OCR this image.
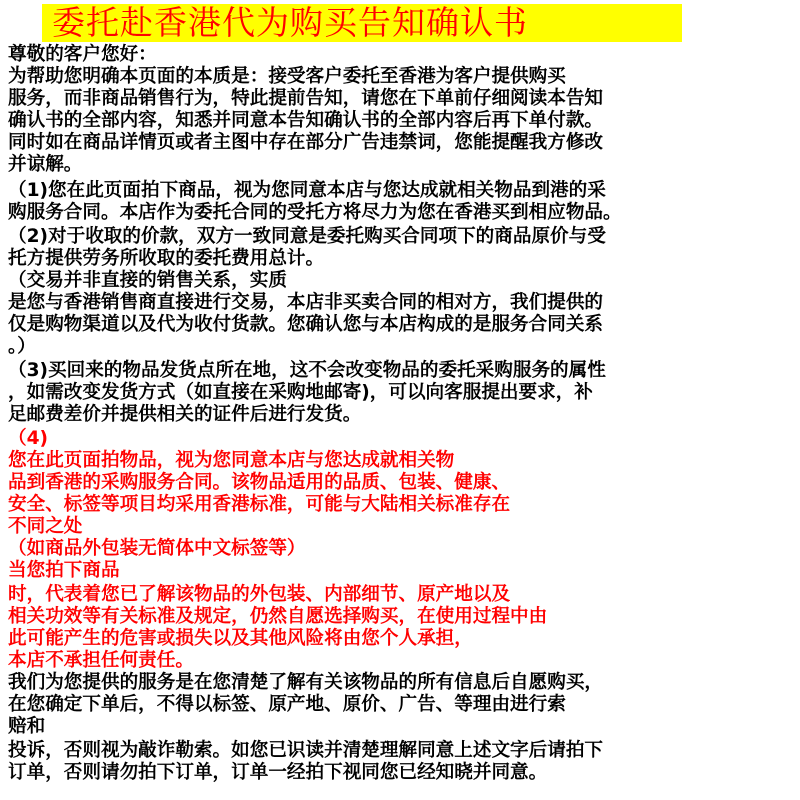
委托赴香港代为购买告知确认书

尊敬的客户您好：

为帮助您明确本页面的本质是：接受客户委托至香港为客户提供购买

服务，而非商品销售行为，特此提前告知，请您在下单前仔细阅读本告知

确认书的全部内容，知悉并同意本告知确认书的全部内容后再下单付款。

同时如在商品详情页或者主图中存在部分广告违禁词，您能提醒我方修改

并谅解。

（1)您在此页面拍下商品，视为您同意本店与您达成就相关物品到港的采

购服务合同。本店作为委托合同的受托方将尽力为您在香港买到相应物品。

（2)对于收取的价款，双方一致同意是委托购买合同项下的商品原价与受

托方提供劳务所收取的委托费用总计。

（交易并非直接的销售关系，实质

是您与香港销售商直接进行交易，本店非买卖合同的相对方，我们提供的

仅是购物渠道以及代为收付货款。您确认您与本店构成的是服务合同关系

。）

（3)买回来的物品发货点所在地，这不会改变物品的委托采购服务的属性

，如需改变发货方式（如直接在采购地邮寄)，可以向客服提出要求，补

足邮费差价并提供相关的证件后进行发货。

（4)

您在此页面拍物品，视为您同意本店与您达成就相关物

品到香港的采购服务合同。该物品适用的品质、包装、健康、

安全、标签等项目均采用香港标准，可能与大陆相关标准存在

不同之处

（如商品外包装无简体中文标签等）

当您拍下商品

时，代表着您已了解该物品的外包装、内部细节、原产地以及

相关功效等有关标准及规定，仍然自愿选择购买，在使用过程中由

此可能产生的危害或损失以及其他风险将由您个人承担，

本店不承担任何责任。

我们为您提供的服务是在您清楚了解有关该物品的所有信息后自愿购买，

在您确定下单后，不得以标签、原产地、原价、广告、等理由进行索

赔和

投诉，否则视为敲诈勒索。如您已识读并清楚理解同意上述文字后请拍下

订单，否则请勿拍下订单，订单一经拍下视同您已经知晓并同意。
